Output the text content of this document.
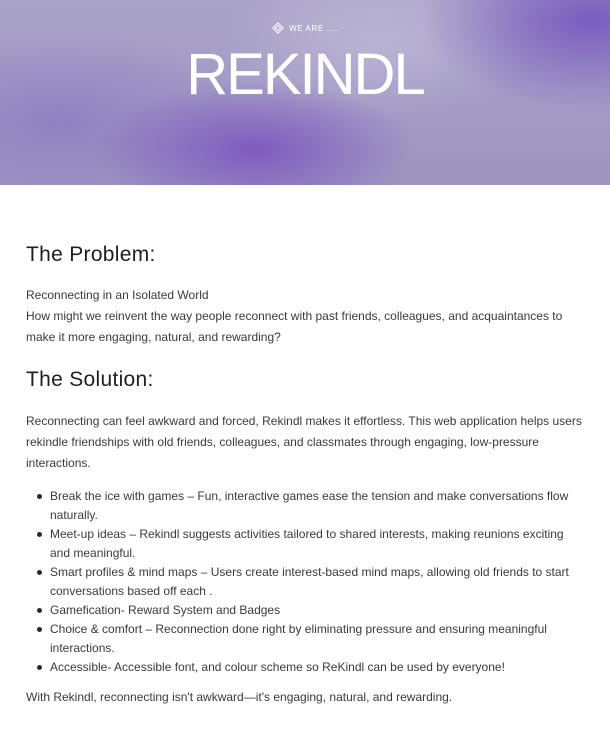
WE ARE ....
REKINDL
The Problem:

Reconnecting in an Isolated World
How might we reinvent the way people reconnect with past friends, colleagues, and acquaintances to make it more engaging, natural, and rewarding?

The Solution:

Reconnecting can feel awkward and forced, Rekindl makes it effortless. This web application helps users rekindle friendships with old friends, colleagues, and classmates through engaging, low-pressure interactions.

Break the ice with games – Fun, interactive games ease the tension and make conversations flow naturally.
Meet-up ideas – Rekindl suggests activities tailored to shared interests, making reunions exciting and meaningful.
Smart profiles & mind maps – Users create interest-based mind maps, allowing old friends to start conversations based off each .
Gamefication- Reward System and Badges
Choice & comfort – Reconnection done right by eliminating pressure and ensuring meaningful interactions.
Accessible- Accessible font, and colour scheme so ReKindl can be used by everyone!

With Rekindl, reconnecting isn't awkward—it's engaging, natural, and rewarding.
